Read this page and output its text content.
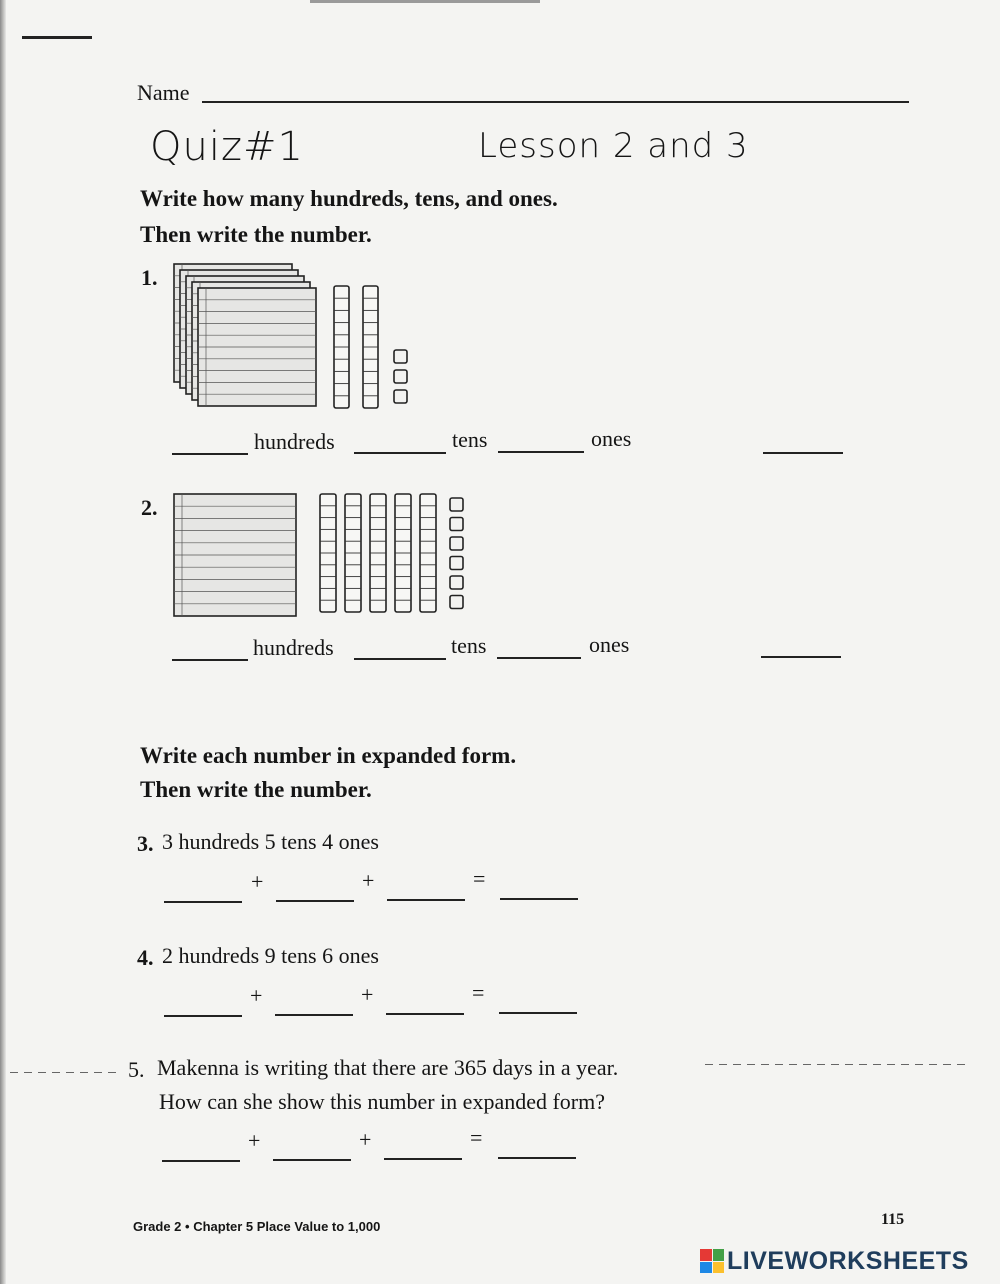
Name
Quiz#1	Lesson 2 and 3
Write how many hundreds, tens, and ones.
Then write the number.
1.
hundreds	tens	ones
2.
hundreds	tens	ones
Write each number in expanded form.
Then write the number.
3. 3 hundreds 5 tens 4 ones
+	+	=
4. 2 hundreds 9 tens 6 ones
+	+	=
5. Makenna is writing that there are 365 days in a year.
How can she show this number in expanded form?
+	+	=
Grade 2 • Chapter 5 Place Value to 1,000	115
LIVEWORKSHEETS
